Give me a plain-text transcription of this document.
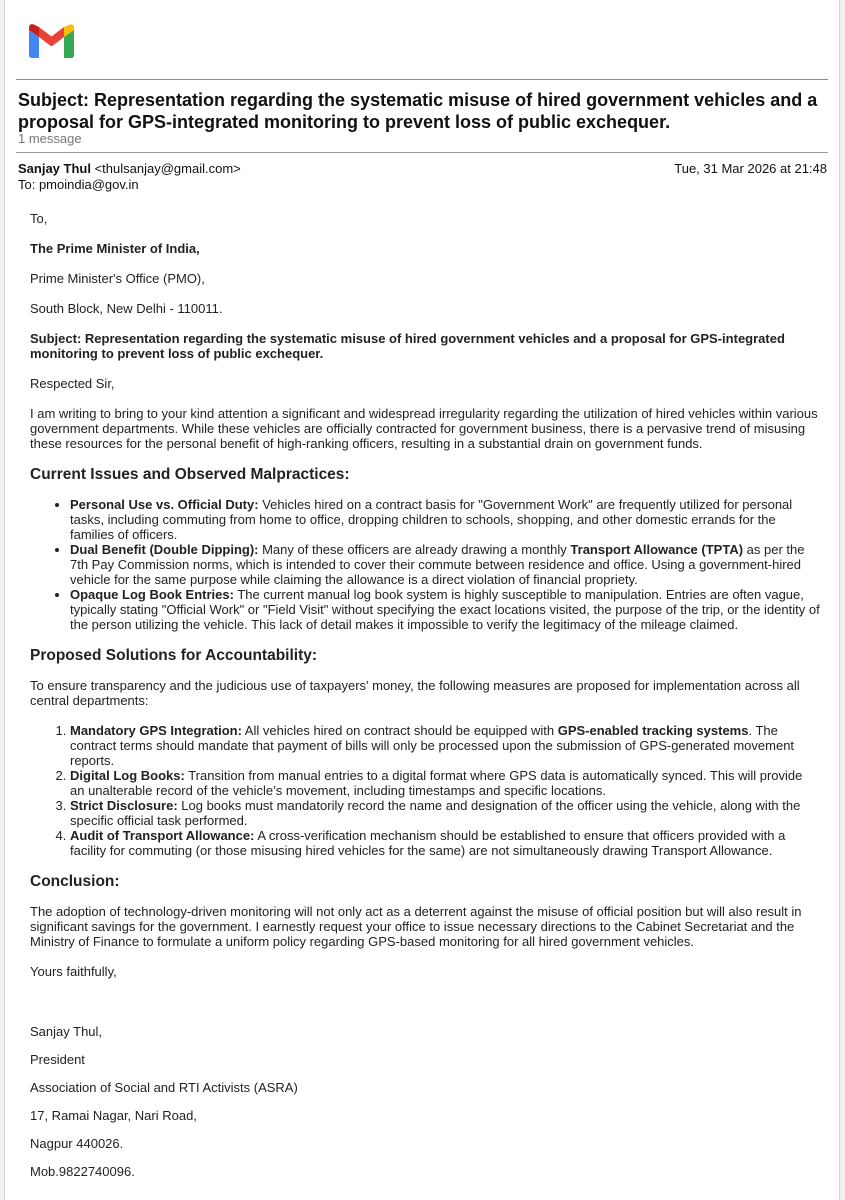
Subject: Representation regarding the systematic misuse of hired government vehicles and a proposal for GPS-integrated monitoring to prevent loss of public exchequer.
1 message
Sanjay Thul <thulsanjay@gmail.com>	Tue, 31 Mar 2026 at 21:48
To: pmoindia@gov.in

To,

The Prime Minister of India,

Prime Minister's Office (PMO),

South Block, New Delhi - 110011.

Subject: Representation regarding the systematic misuse of hired government vehicles and a proposal for GPS-integrated monitoring to prevent loss of public exchequer.

Respected Sir,

I am writing to bring to your kind attention a significant and widespread irregularity regarding the utilization of hired vehicles within various government departments. While these vehicles are officially contracted for government business, there is a pervasive trend of misusing these resources for the personal benefit of high-ranking officers, resulting in a substantial drain on government funds.

Current Issues and Observed Malpractices:
• Personal Use vs. Official Duty: Vehicles hired on a contract basis for "Government Work" are frequently utilized for personal tasks, including commuting from home to office, dropping children to schools, shopping, and other domestic errands for the families of officers.
• Dual Benefit (Double Dipping): Many of these officers are already drawing a monthly Transport Allowance (TPTA) as per the 7th Pay Commission norms, which is intended to cover their commute between residence and office. Using a government-hired vehicle for the same purpose while claiming the allowance is a direct violation of financial propriety.
• Opaque Log Book Entries: The current manual log book system is highly susceptible to manipulation. Entries are often vague, typically stating "Official Work" or "Field Visit" without specifying the exact locations visited, the purpose of the trip, or the identity of the person utilizing the vehicle. This lack of detail makes it impossible to verify the legitimacy of the mileage claimed.
Proposed Solutions for Accountability:

To ensure transparency and the judicious use of taxpayers' money, the following measures are proposed for implementation across all central departments:

1. Mandatory GPS Integration: All vehicles hired on contract should be equipped with GPS-enabled tracking systems. The contract terms should mandate that payment of bills will only be processed upon the submission of GPS-generated movement reports.
2. Digital Log Books: Transition from manual entries to a digital format where GPS data is automatically synced. This will provide an unalterable record of the vehicle’s movement, including timestamps and specific locations.
3. Strict Disclosure: Log books must mandatorily record the name and designation of the officer using the vehicle, along with the specific official task performed.
4. Audit of Transport Allowance: A cross-verification mechanism should be established to ensure that officers provided with a facility for commuting (or those misusing hired vehicles for the same) are not simultaneously drawing Transport Allowance.
Conclusion:

The adoption of technology-driven monitoring will not only act as a deterrent against the misuse of official position but will also result in significant savings for the government. I earnestly request your office to issue necessary directions to the Cabinet Secretariat and the Ministry of Finance to formulate a uniform policy regarding GPS-based monitoring for all hired government vehicles.

Yours faithfully,

Sanjay Thul,

President

Association of Social and RTI Activists (ASRA)

17, Ramai Nagar, Nari Road,

Nagpur 440026.

Mob.9822740096.
